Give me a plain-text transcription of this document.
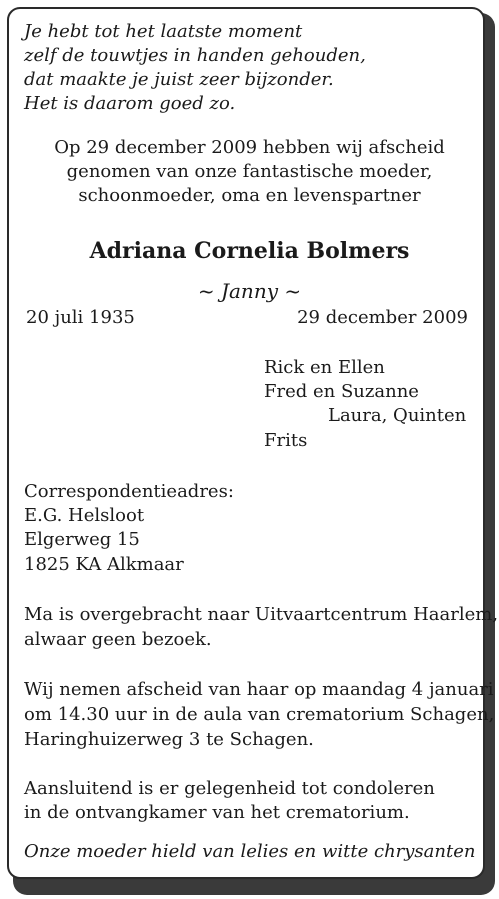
Je hebt tot het laatste moment
zelf de touwtjes in handen gehouden,
dat maakte je juist zeer bijzonder.
Het is daarom goed zo.
Op 29 december 2009 hebben wij afscheid
genomen van onze fantastische moeder,
schoonmoeder, oma en levenspartner
Adriana Cornelia Bolmers
~ Janny ~
20 juli 1935	29 december 2009
Rick en Ellen
Fred en Suzanne
Laura, Quinten
Frits
Correspondentieadres:
E.G. Helsloot
Elgerweg 15
1825 KA Alkmaar
Ma is overgebracht naar Uitvaartcentrum Haarlem,
alwaar geen bezoek.
Wij nemen afscheid van haar op maandag 4 januari
om 14.30 uur in de aula van crematorium Schagen,
Haringhuizerweg 3 te Schagen.
Aansluitend is er gelegenheid tot condoleren
in de ontvangkamer van het crematorium.
Onze moeder hield van lelies en witte chrysanten
